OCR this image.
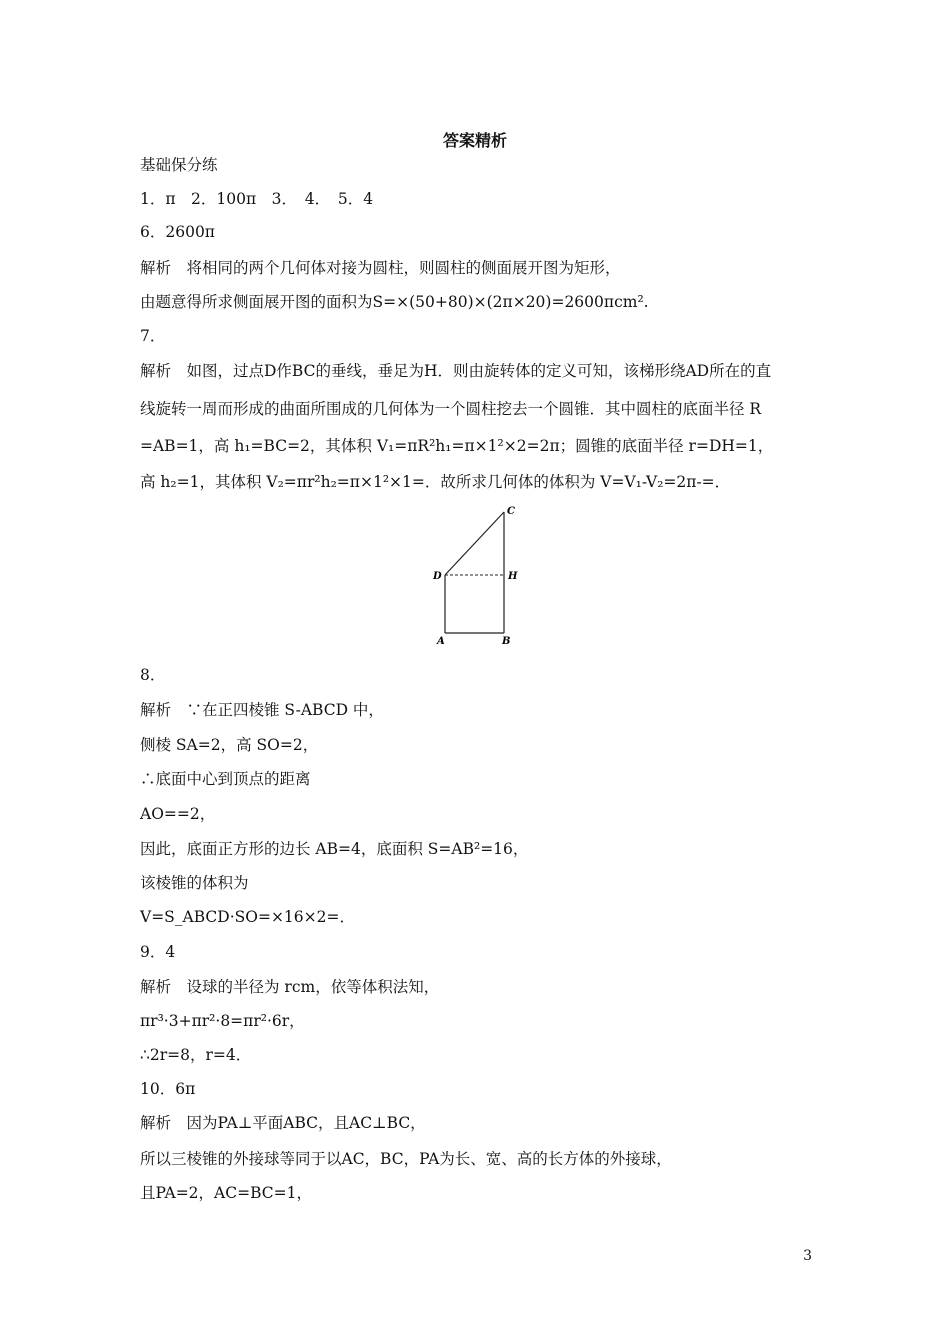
答案精析
基础保分练
1．π　2．100π　3．　4．　5．4
6．2600π
解析　将相同的两个几何体对接为圆柱，则圆柱的侧面展开图为矩形，
由题意得所求侧面展开图的面积为S=×(50+80)×(2π×20)=2600πcm².
7．
解析　如图，过点D作BC的垂线，垂足为H．则由旋转体的定义可知，该梯形绕AD所在的直
线旋转一周而形成的曲面所围成的几何体为一个圆柱挖去一个圆锥．其中圆柱的底面半径 R
=AB=1，高 h₁=BC=2，其体积 V₁=πR²h₁=π×1²×2=2π；圆锥的底面半径 r=DH=1，
高 h₂=1，其体积 V₂=πr²h₂=π×1²×1=．故所求几何体的体积为 V=V₁-V₂=2π-=．
C
D	H
A	B
8．
解析　∵在正四棱锥 S-ABCD 中，
侧棱 SA=2，高 SO=2，
∴底面中心到顶点的距离
AO==2，
因此，底面正方形的边长 AB=4，底面积 S=AB²=16，
该棱锥的体积为
V=S_ABCD·SO=×16×2=．
9．4
解析　设球的半径为 rcm，依等体积法知，
πr³·3+πr²·8=πr²·6r，
∴2r=8，r=4．
10．6π
解析　因为PA⊥平面ABC，且AC⊥BC，
所以三棱锥的外接球等同于以AC，BC，PA为长、宽、高的长方体的外接球，
且PA=2，AC=BC=1，
3
